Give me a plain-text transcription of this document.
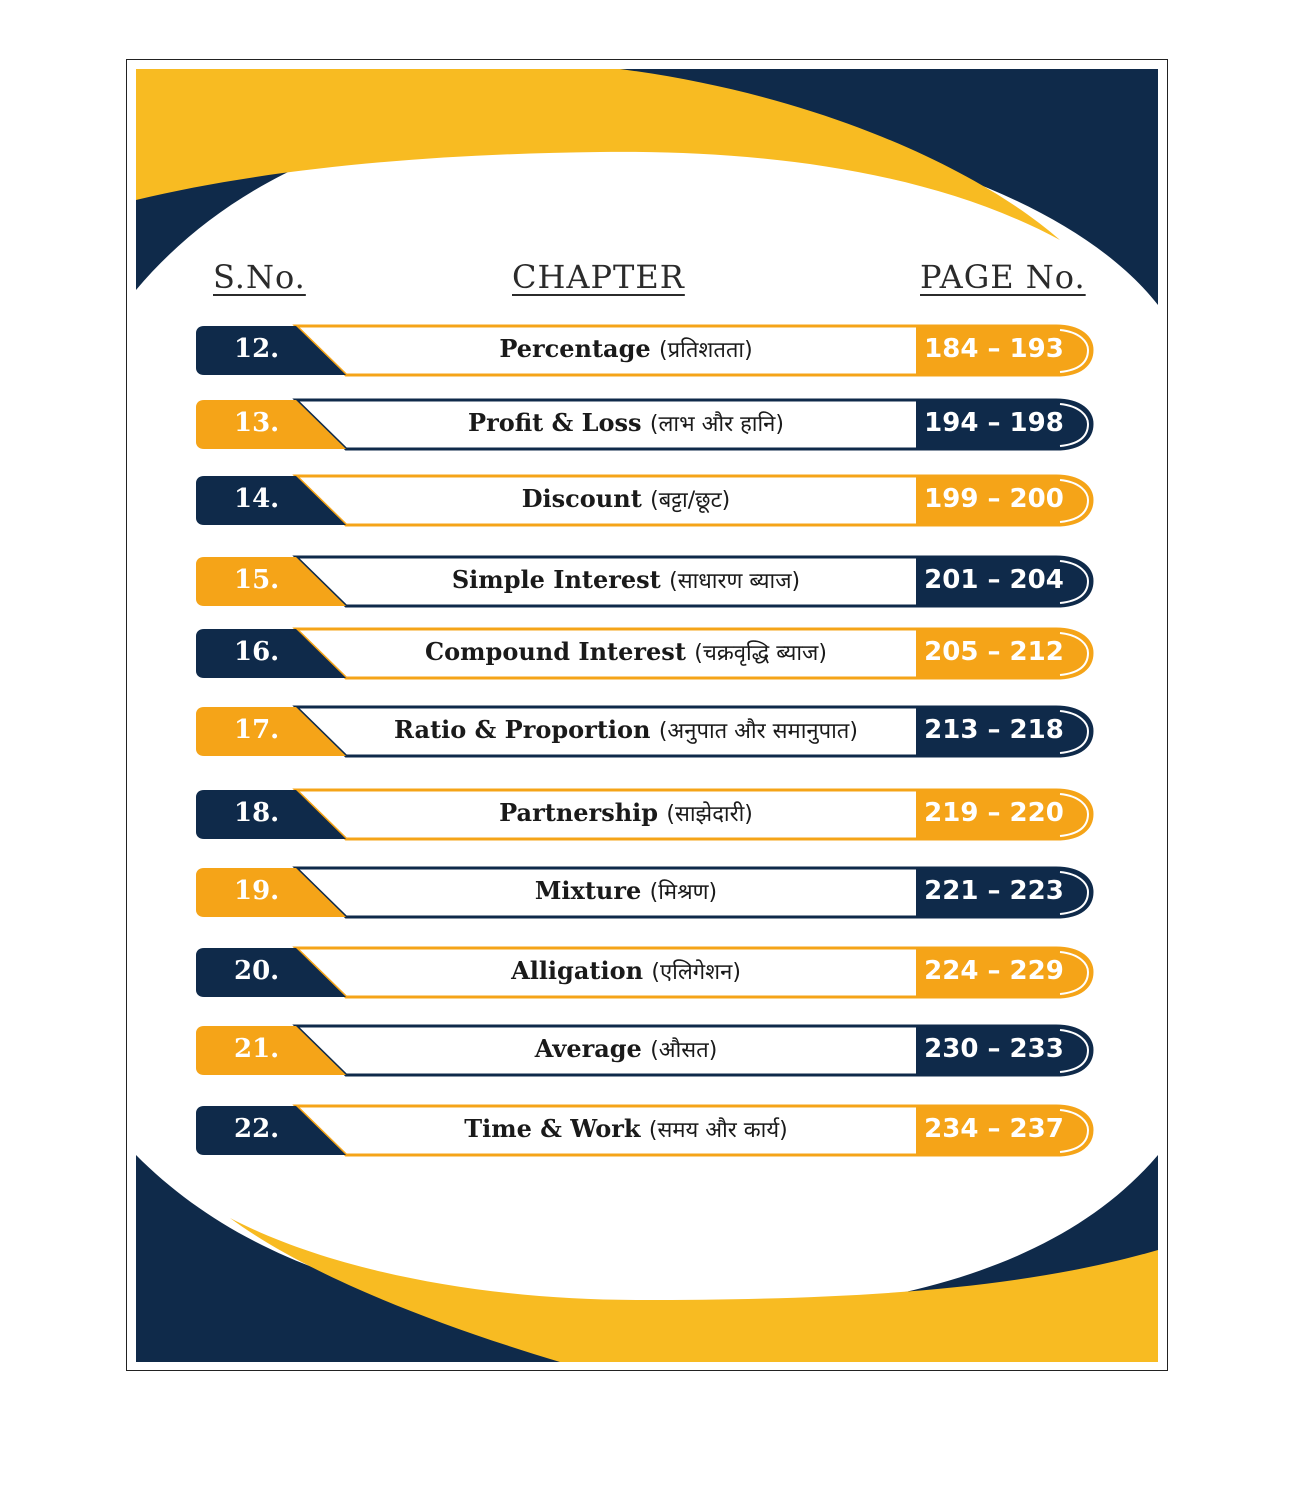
S.No.	CHAPTER	PAGE No.
12.	Percentage (प्रतिशतता)	184 – 193
13.	Profit & Loss (लाभ और हानि)	194 – 198
14.	Discount (बट्टा/छूट)	199 – 200
15.	Simple Interest (साधारण ब्याज)	201 – 204
16.	Compound Interest (चक्रवृद्धि ब्याज)	205 – 212
17.	Ratio & Proportion (अनुपात और समानुपात)	213 – 218
18.	Partnership (साझेदारी)	219 – 220
19.	Mixture (मिश्रण)	221 – 223
20.	Alligation (एलिगेशन)	224 – 229
21.	Average (औसत)	230 – 233
22.	Time & Work (समय और कार्य)	234 – 237
